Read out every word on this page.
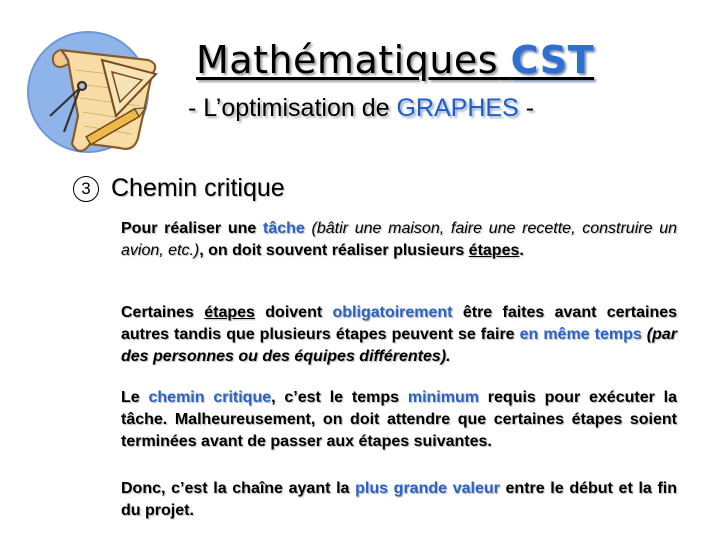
Mathématiques CST
- L’optimisation de GRAPHES -
3 Chemin critique

Pour réaliser une tâche (bâtir une maison, faire une recette, construire un avion, etc.), on doit souvent réaliser plusieurs étapes.

Certaines étapes doivent obligatoirement être faites avant certaines autres tandis que plusieurs étapes peuvent se faire en même temps (par des personnes ou des équipes différentes).

Le chemin critique, c’est le temps minimum requis pour exécuter la tâche. Malheureusement, on doit attendre que certaines étapes soient terminées avant de passer aux étapes suivantes.

Donc, c’est la chaîne ayant la plus grande valeur entre le début et la fin du projet.
